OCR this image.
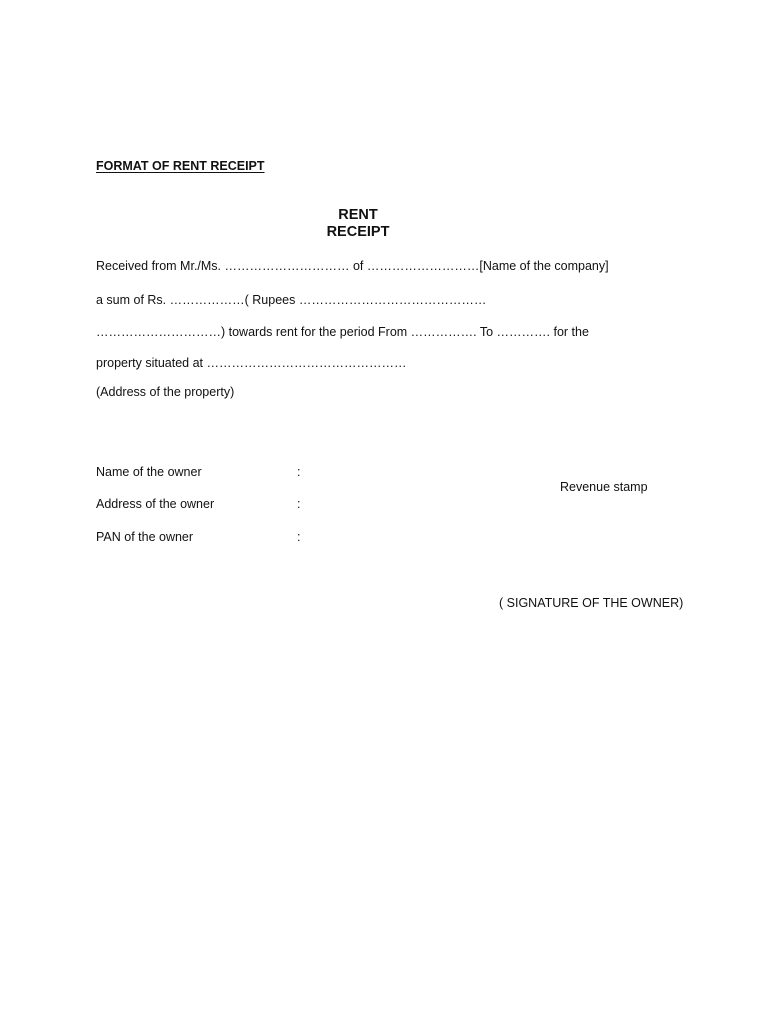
FORMAT OF RENT RECEIPT
RENT
RECEIPT
Received from Mr./Ms. ………………………… of ………………………[Name of the company]
a sum of Rs. ………………( Rupees ………………………………………
…………………………) towards rent for the period From ……………. To …………. for the
property situated at …………………………………………
(Address of the property)
Name of the owner	:
Address of the owner	:
PAN of the owner	:
Revenue stamp
( SIGNATURE OF THE OWNER)
